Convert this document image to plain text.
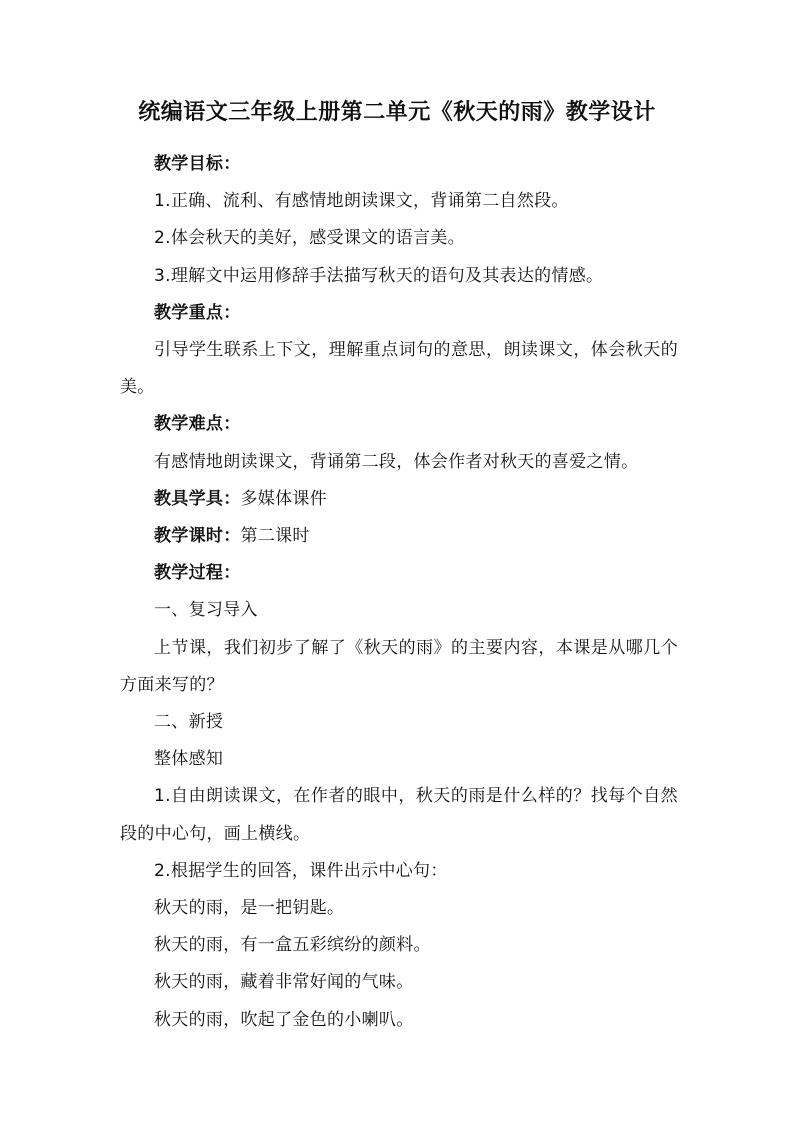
统编语文三年级上册第二单元《秋天的雨》教学设计

教学目标：

1.正确、流利、有感情地朗读课文，背诵第二自然段。

2.体会秋天的美好，感受课文的语言美。

3.理解文中运用修辞手法描写秋天的语句及其表达的情感。

教学重点：

引导学生联系上下文，理解重点词句的意思，朗读课文，体会秋天的美。

教学难点：

有感情地朗读课文，背诵第二段，体会作者对秋天的喜爱之情。

教具学具：多媒体课件

教学课时：第二课时

教学过程：

一、复习导入

上节课，我们初步了解了《秋天的雨》的主要内容，本课是从哪几个方面来写的？

二、新授

整体感知

1.自由朗读课文，在作者的眼中，秋天的雨是什么样的？找每个自然段的中心句，画上横线。

2.根据学生的回答，课件出示中心句：

秋天的雨，是一把钥匙。

秋天的雨，有一盒五彩缤纷的颜料。

秋天的雨，藏着非常好闻的气味。

秋天的雨，吹起了金色的小喇叭。
